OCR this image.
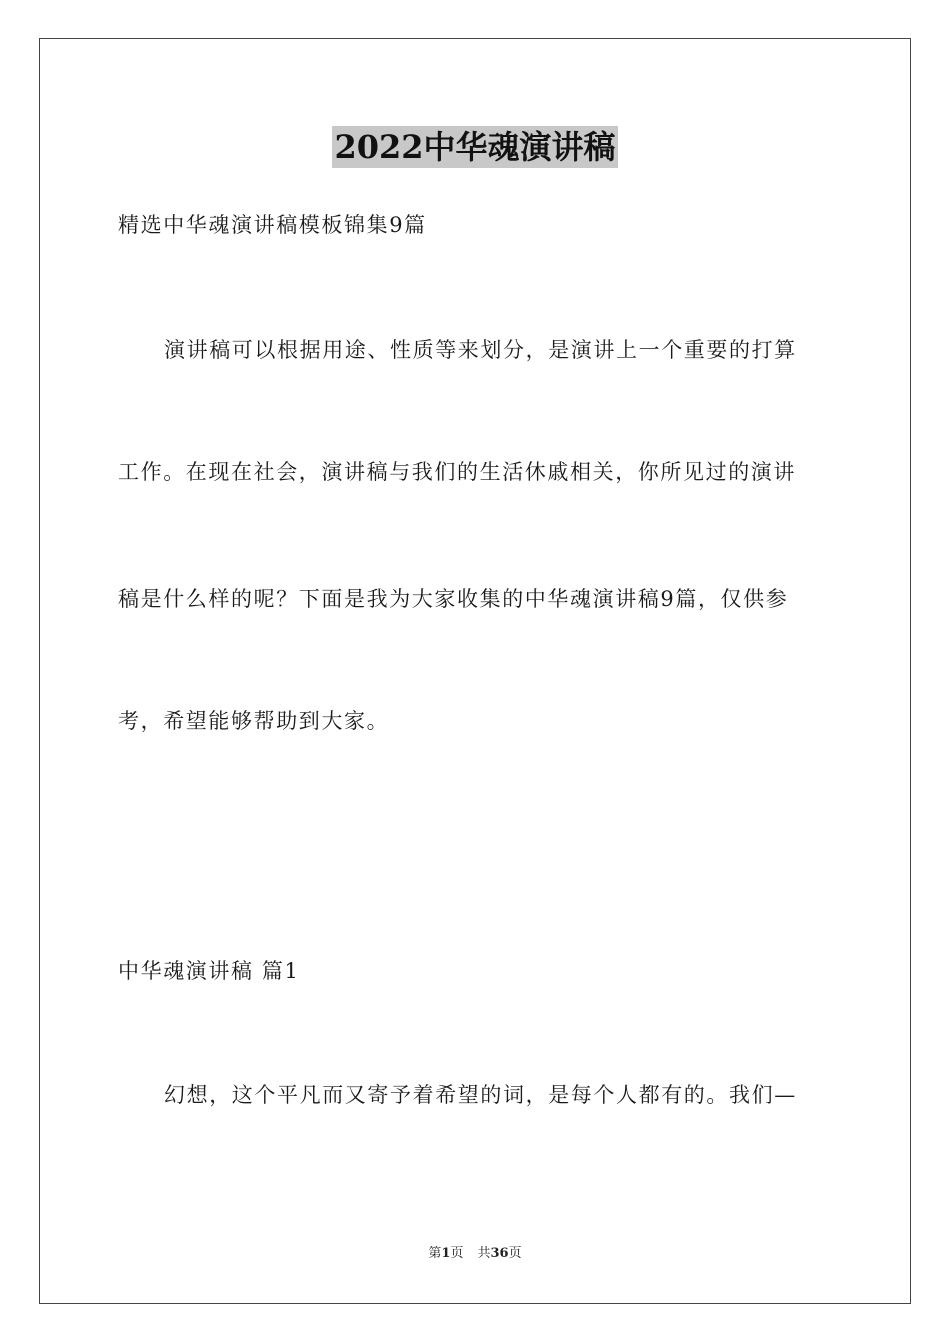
2022中华魂演讲稿
精选中华魂演讲稿模板锦集9篇
演讲稿可以根据用途、性质等来划分，是演讲上一个重要的打算
工作。在现在社会，演讲稿与我们的生活休戚相关，你所见过的演讲
稿是什么样的呢？下面是我为大家收集的中华魂演讲稿9篇，仅供参
考，希望能够帮助到大家。
中华魂演讲稿 篇1
幻想，这个平凡而又寄予着希望的词，是每个人都有的。我们—
第1页 共36页
